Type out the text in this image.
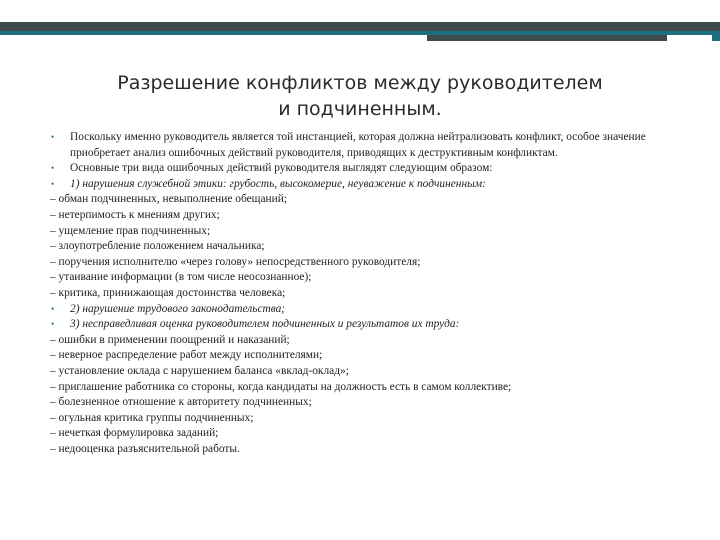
Разрешение конфликтов между руководителем
и подчиненным.
• Поскольку именно руководитель является той инстанцией, которая должна нейтрализовать конфликт, особое значение приобретает анализ ошибочных действий руководителя, приводящих к деструктивным конфликтам.
• Основные три вида ошибочных действий руководителя выглядят следующим образом:
• 1) нарушения служебной этики: грубость, высокомерие, неуважение к подчиненным:
– обман подчиненных, невыполнение обещаний;
– нетерпимость к мнениям других;
– ущемление прав подчиненных;
– злоупотребление положением начальника;
– поручения исполнителю «через голову» непосредственного руководителя;
– утаивание информации (в том числе неосознанное);
– критика, принижающая достоинства человека;
• 2) нарушение трудового законодательства;
• 3) несправедливая оценка руководителем подчиненных и результатов их труда:
– ошибки в применении поощрений и наказаний;
– неверное распределение работ между исполнителями;
– установление оклада с нарушением баланса «вклад-оклад»;
– приглашение работника со стороны, когда кандидаты на должность есть в самом коллективе;
– болезненное отношение к авторитету подчиненных;
– огульная критика группы подчиненных;
– нечеткая формулировка заданий;
– недооценка разъяснительной работы.
